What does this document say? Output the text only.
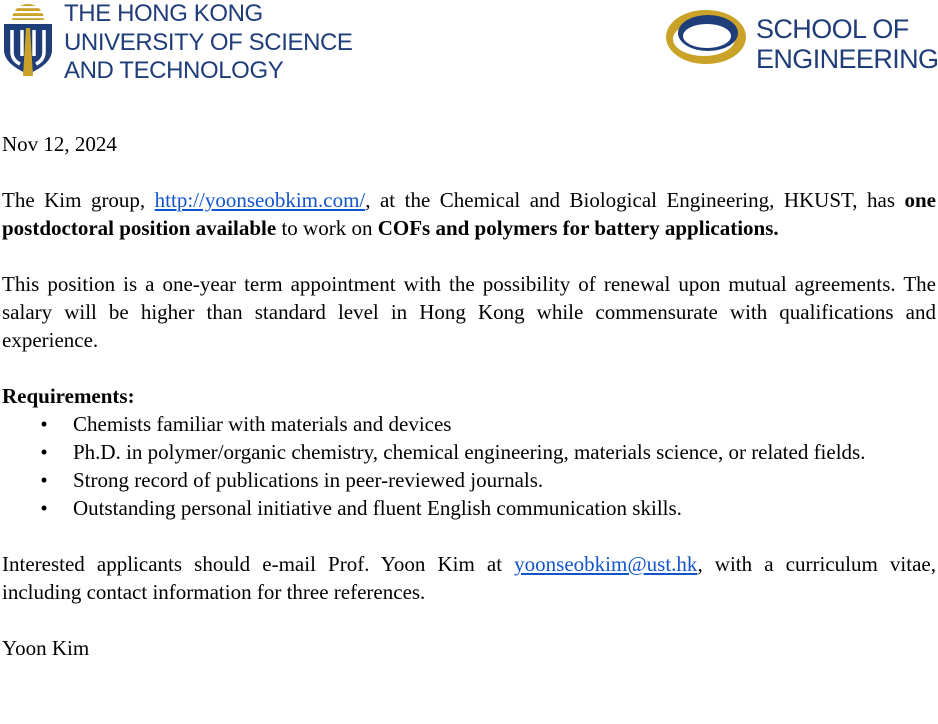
THE HONG KONG
UNIVERSITY OF SCIENCE
AND TECHNOLOGY
SCHOOL OF
ENGINEERING

Nov 12, 2024

The Kim group, http://yoonseobkim.com/, at the Chemical and Biological Engineering, HKUST, has one postdoctoral position available to work on COFs and polymers for battery applications.

This position is a one-year term appointment with the possibility of renewal upon mutual agreements. The salary will be higher than standard level in Hong Kong while commensurate with qualifications and experience.

Requirements:
• Chemists familiar with materials and devices
• Ph.D. in polymer/organic chemistry, chemical engineering, materials science, or related fields.
• Strong record of publications in peer-reviewed journals.
• Outstanding personal initiative and fluent English communication skills.

Interested applicants should e-mail Prof. Yoon Kim at yoonseobkim@ust.hk, with a curriculum vitae, including contact information for three references.

Yoon Kim
